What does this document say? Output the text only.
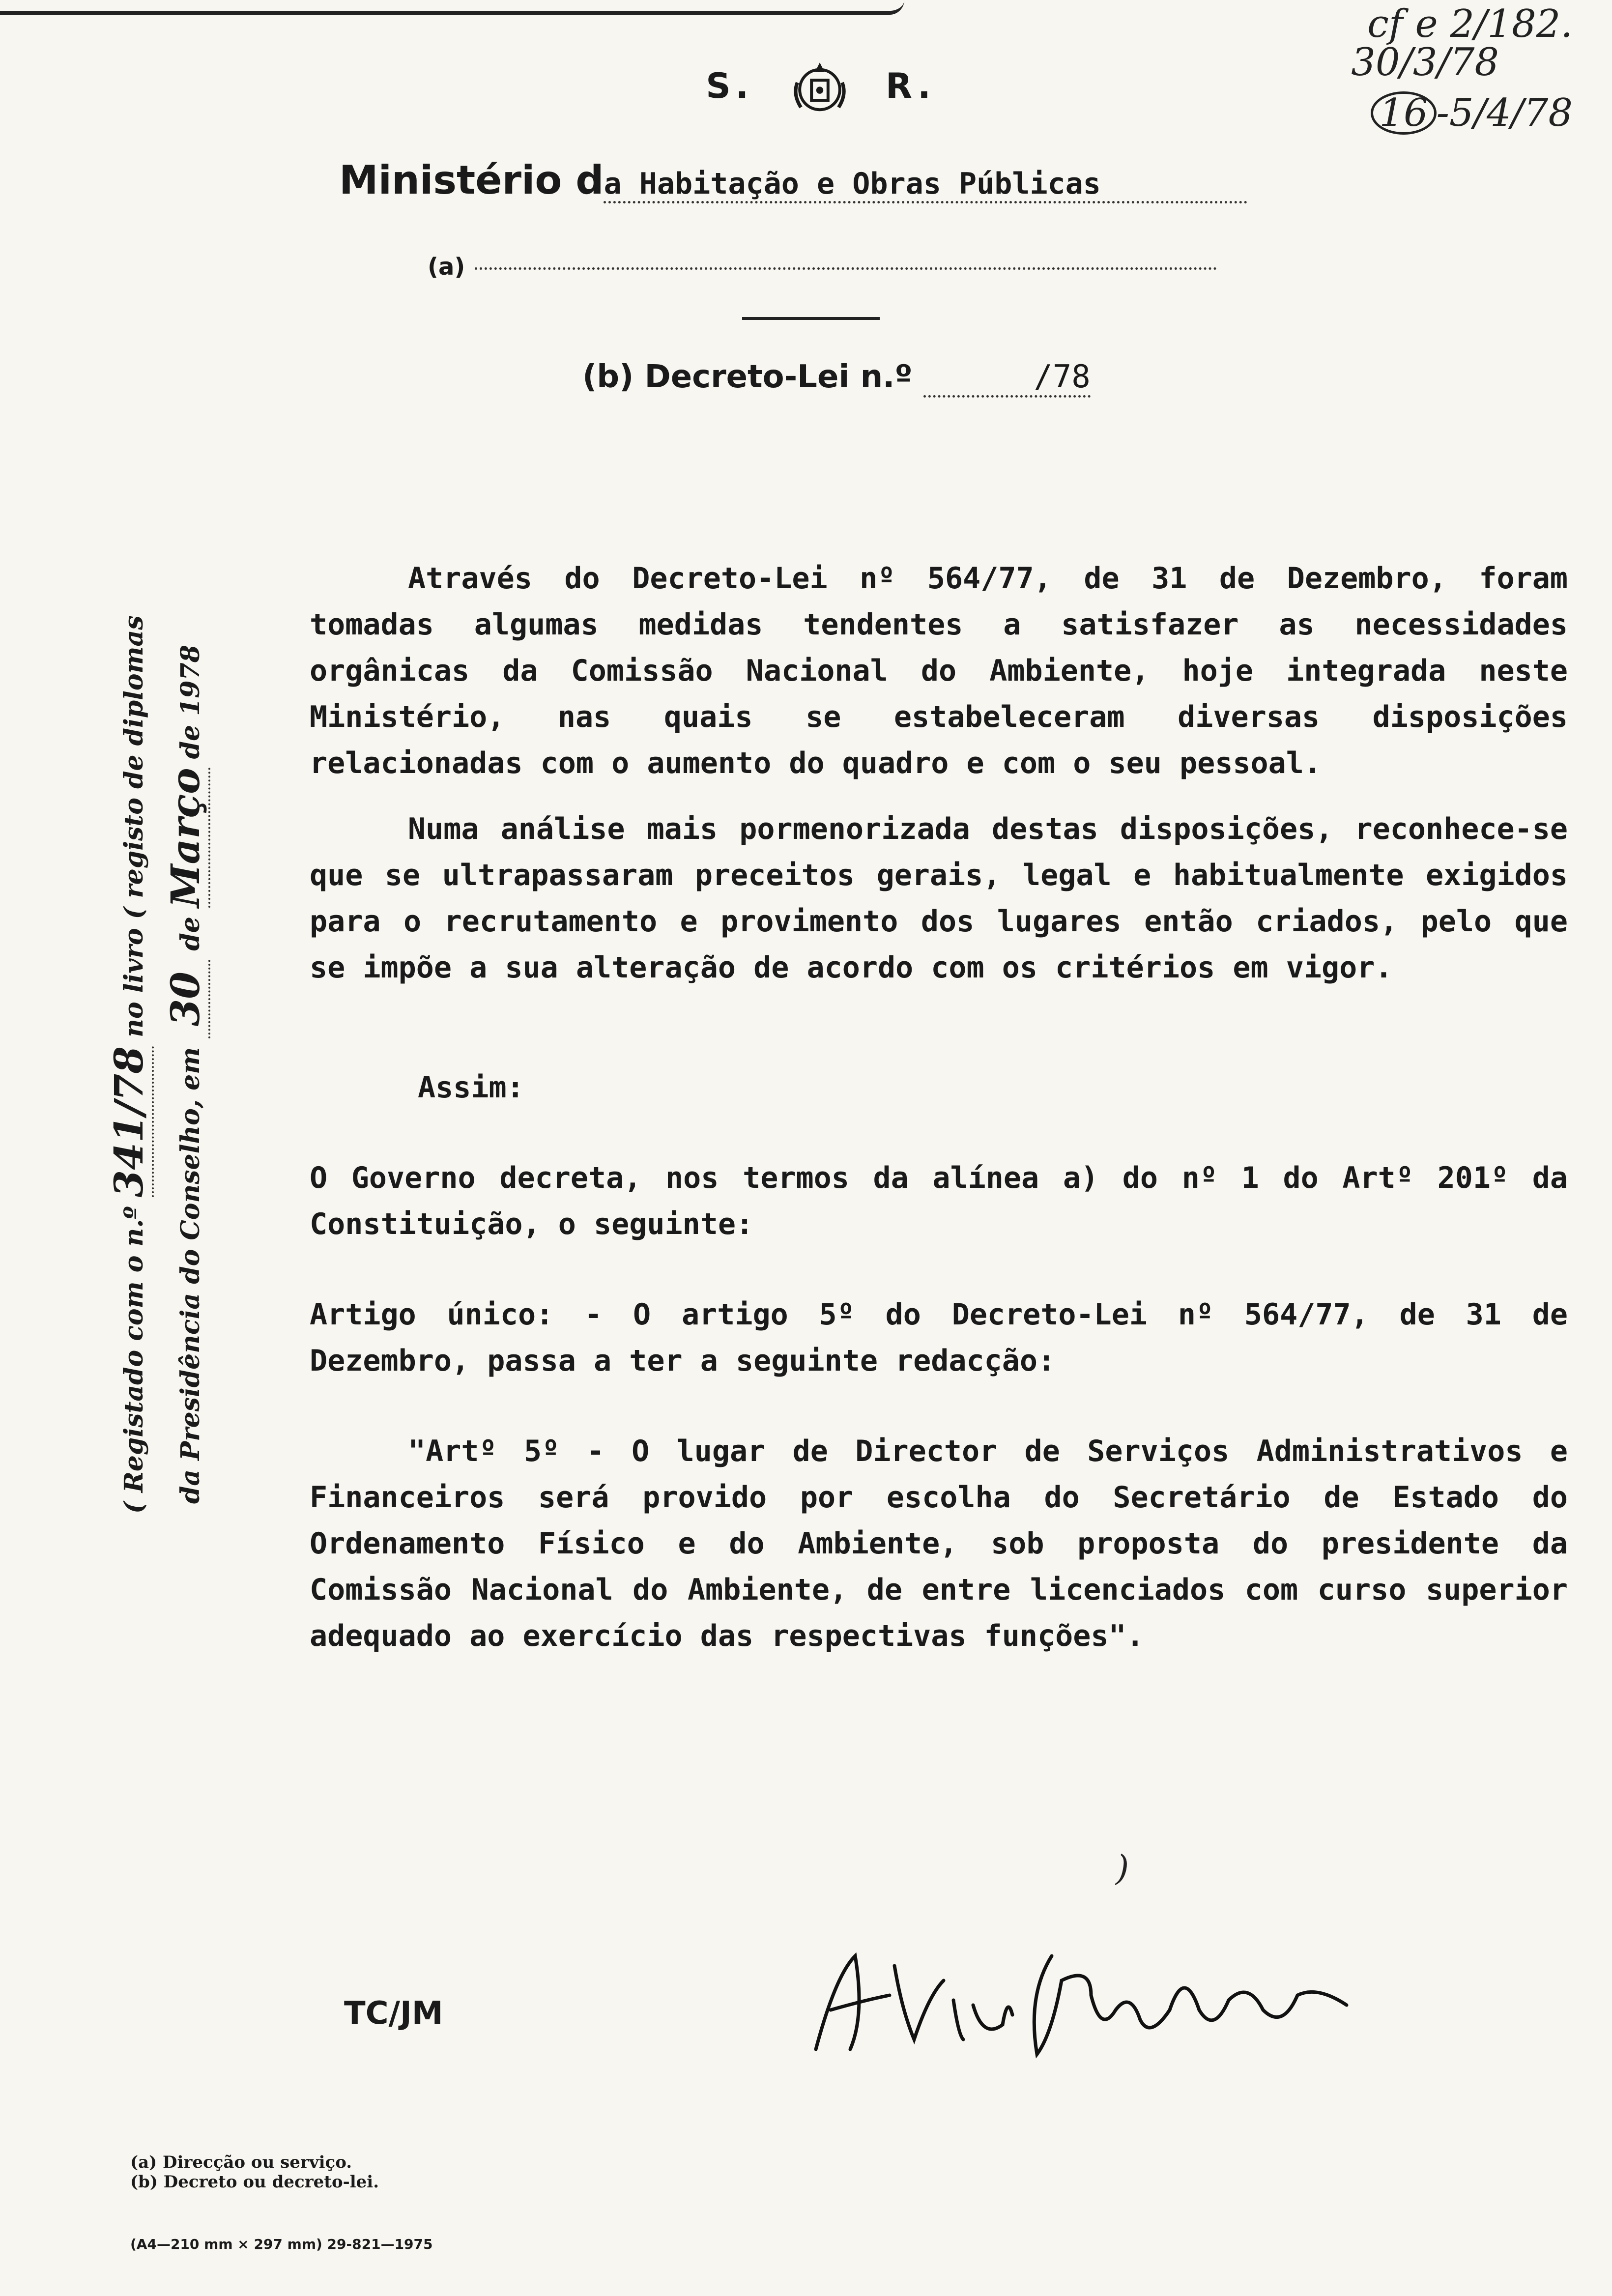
cf e 2/182.
30/3/78
16 -5/4/78
S.	R.
Ministério da Habitação e Obras Públicas
(a)
(b) Decreto-Lei n.º	/78
( Registado com o n.º 341/78 no livro ( registo de diplomas
da Presidência do Conselho, em 30 de Março de 1978

Através do Decreto-Lei nº 564/77, de 31 de Dezembro, foram tomadas algumas medidas tendentes a satisfazer as necessidades orgânicas da Comissão Nacional do Ambiente, hoje integrada neste Ministério, nas quais se estabeleceram diversas disposições relacionadas com o aumento do quadro e com o seu pessoal.

Numa análise mais pormenorizada destas disposições, reconhece-se que se ultrapassaram preceitos gerais, legal e habitualmente exigidos para o recrutamento e provimento dos lugares então criados, pelo que se impõe a sua alteração de acordo com os critérios em vigor.

Assim:

O Governo decreta, nos termos da alínea a) do nº 1 do Artº 201º da Constituição, o seguinte:

Artigo único: - O artigo 5º do Decreto-Lei nº 564/77, de 31 de Dezembro, passa a ter a seguinte redacção:

"Artº 5º - O lugar de Director de Serviços Administrativos e Financeiros será provido por escolha do Secretário de Estado do Ordenamento Físico e do Ambiente, sob proposta do presidente da Comissão Nacional do Ambiente, de entre licenciados com curso superior adequado ao exercício das respectivas funções".

)
TC/JM
(a) Direcção ou serviço.
(b) Decreto ou decreto-lei.
(A4—210 mm × 297 mm) 29-821—1975
